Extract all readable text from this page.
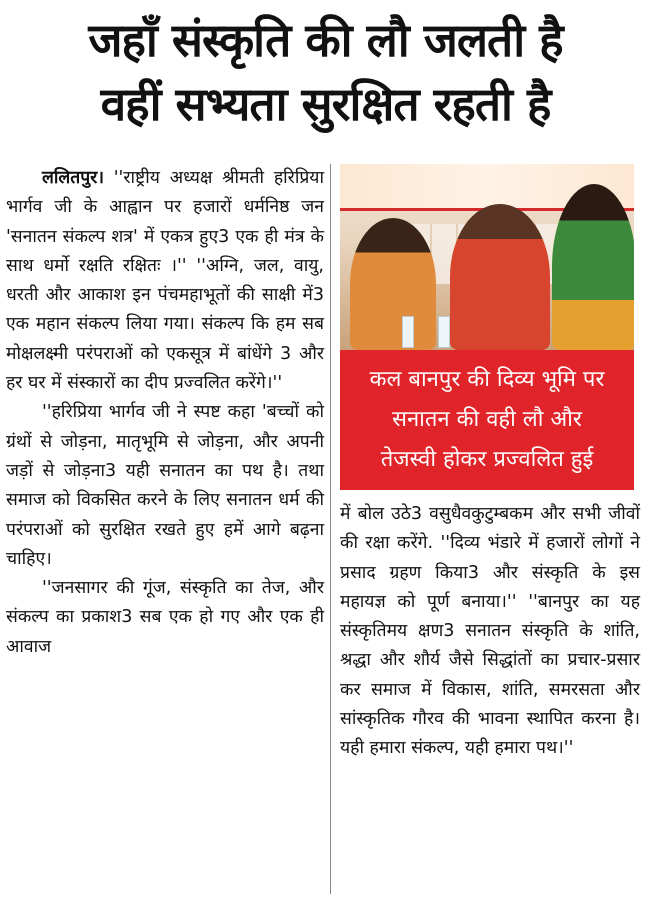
जहाँ संस्कृति की लौ जलती है
वहीं सभ्यता सुरक्षित रहती है

ललितपुर। ''राष्ट्रीय अध्यक्ष श्रीमती हरिप्रिया भार्गव जी के आह्वान पर हजारों धर्मनिष्ठ जन 'सनातन संकल्प शत्र' में एकत्र हुए3 एक ही मंत्र के साथ धर्मो रक्षति रक्षितः ।'' ''अग्नि, जल, वायु, धरती और आकाश इन पंचमहाभूतों की साक्षी में3 एक महान संकल्प लिया गया। संकल्प कि हम सब मोक्षलक्ष्मी परंपराओं को एकसूत्र में बांधेंगे 3 और हर घर में संस्कारों का दीप प्रज्वलित करेंगे।''

''हरिप्रिया भार्गव जी ने स्पष्ट कहा 'बच्चों को ग्रंथों से जोड़ना, मातृभूमि से जोड़ना, और अपनी जड़ों से जोड़ना3 यही सनातन का पथ है। तथा समाज को विकसित करने के लिए सनातन धर्म की परंपराओं को सुरक्षित रखते हुए हमें आगे बढ़ना चाहिए।

''जनसागर की गूंज, संस्कृति का तेज, और संकल्प का प्रकाश3 सब एक हो गए और एक ही आवाज

कल बानपुर की दिव्य भूमि पर
सनातन की वही लौ और
तेजस्वी होकर प्रज्वलित हुई

में बोल उठे3 वसुधैवकुटुम्बकम और सभी जीवों की रक्षा करेंगे. ''दिव्य भंडारे में हजारों लोगों ने प्रसाद ग्रहण किया3 और संस्कृति के इस महायज्ञ को पूर्ण बनाया।'' ''बानपुर का यह संस्कृतिमय क्षण3 सनातन संस्कृति के शांति, श्रद्धा और शौर्य जैसे सिद्धांतों का प्रचार-प्रसार कर समाज में विकास, शांति, समरसता और सांस्कृतिक गौरव की भावना स्थापित करना है। यही हमारा संकल्प, यही हमारा पथ।''
